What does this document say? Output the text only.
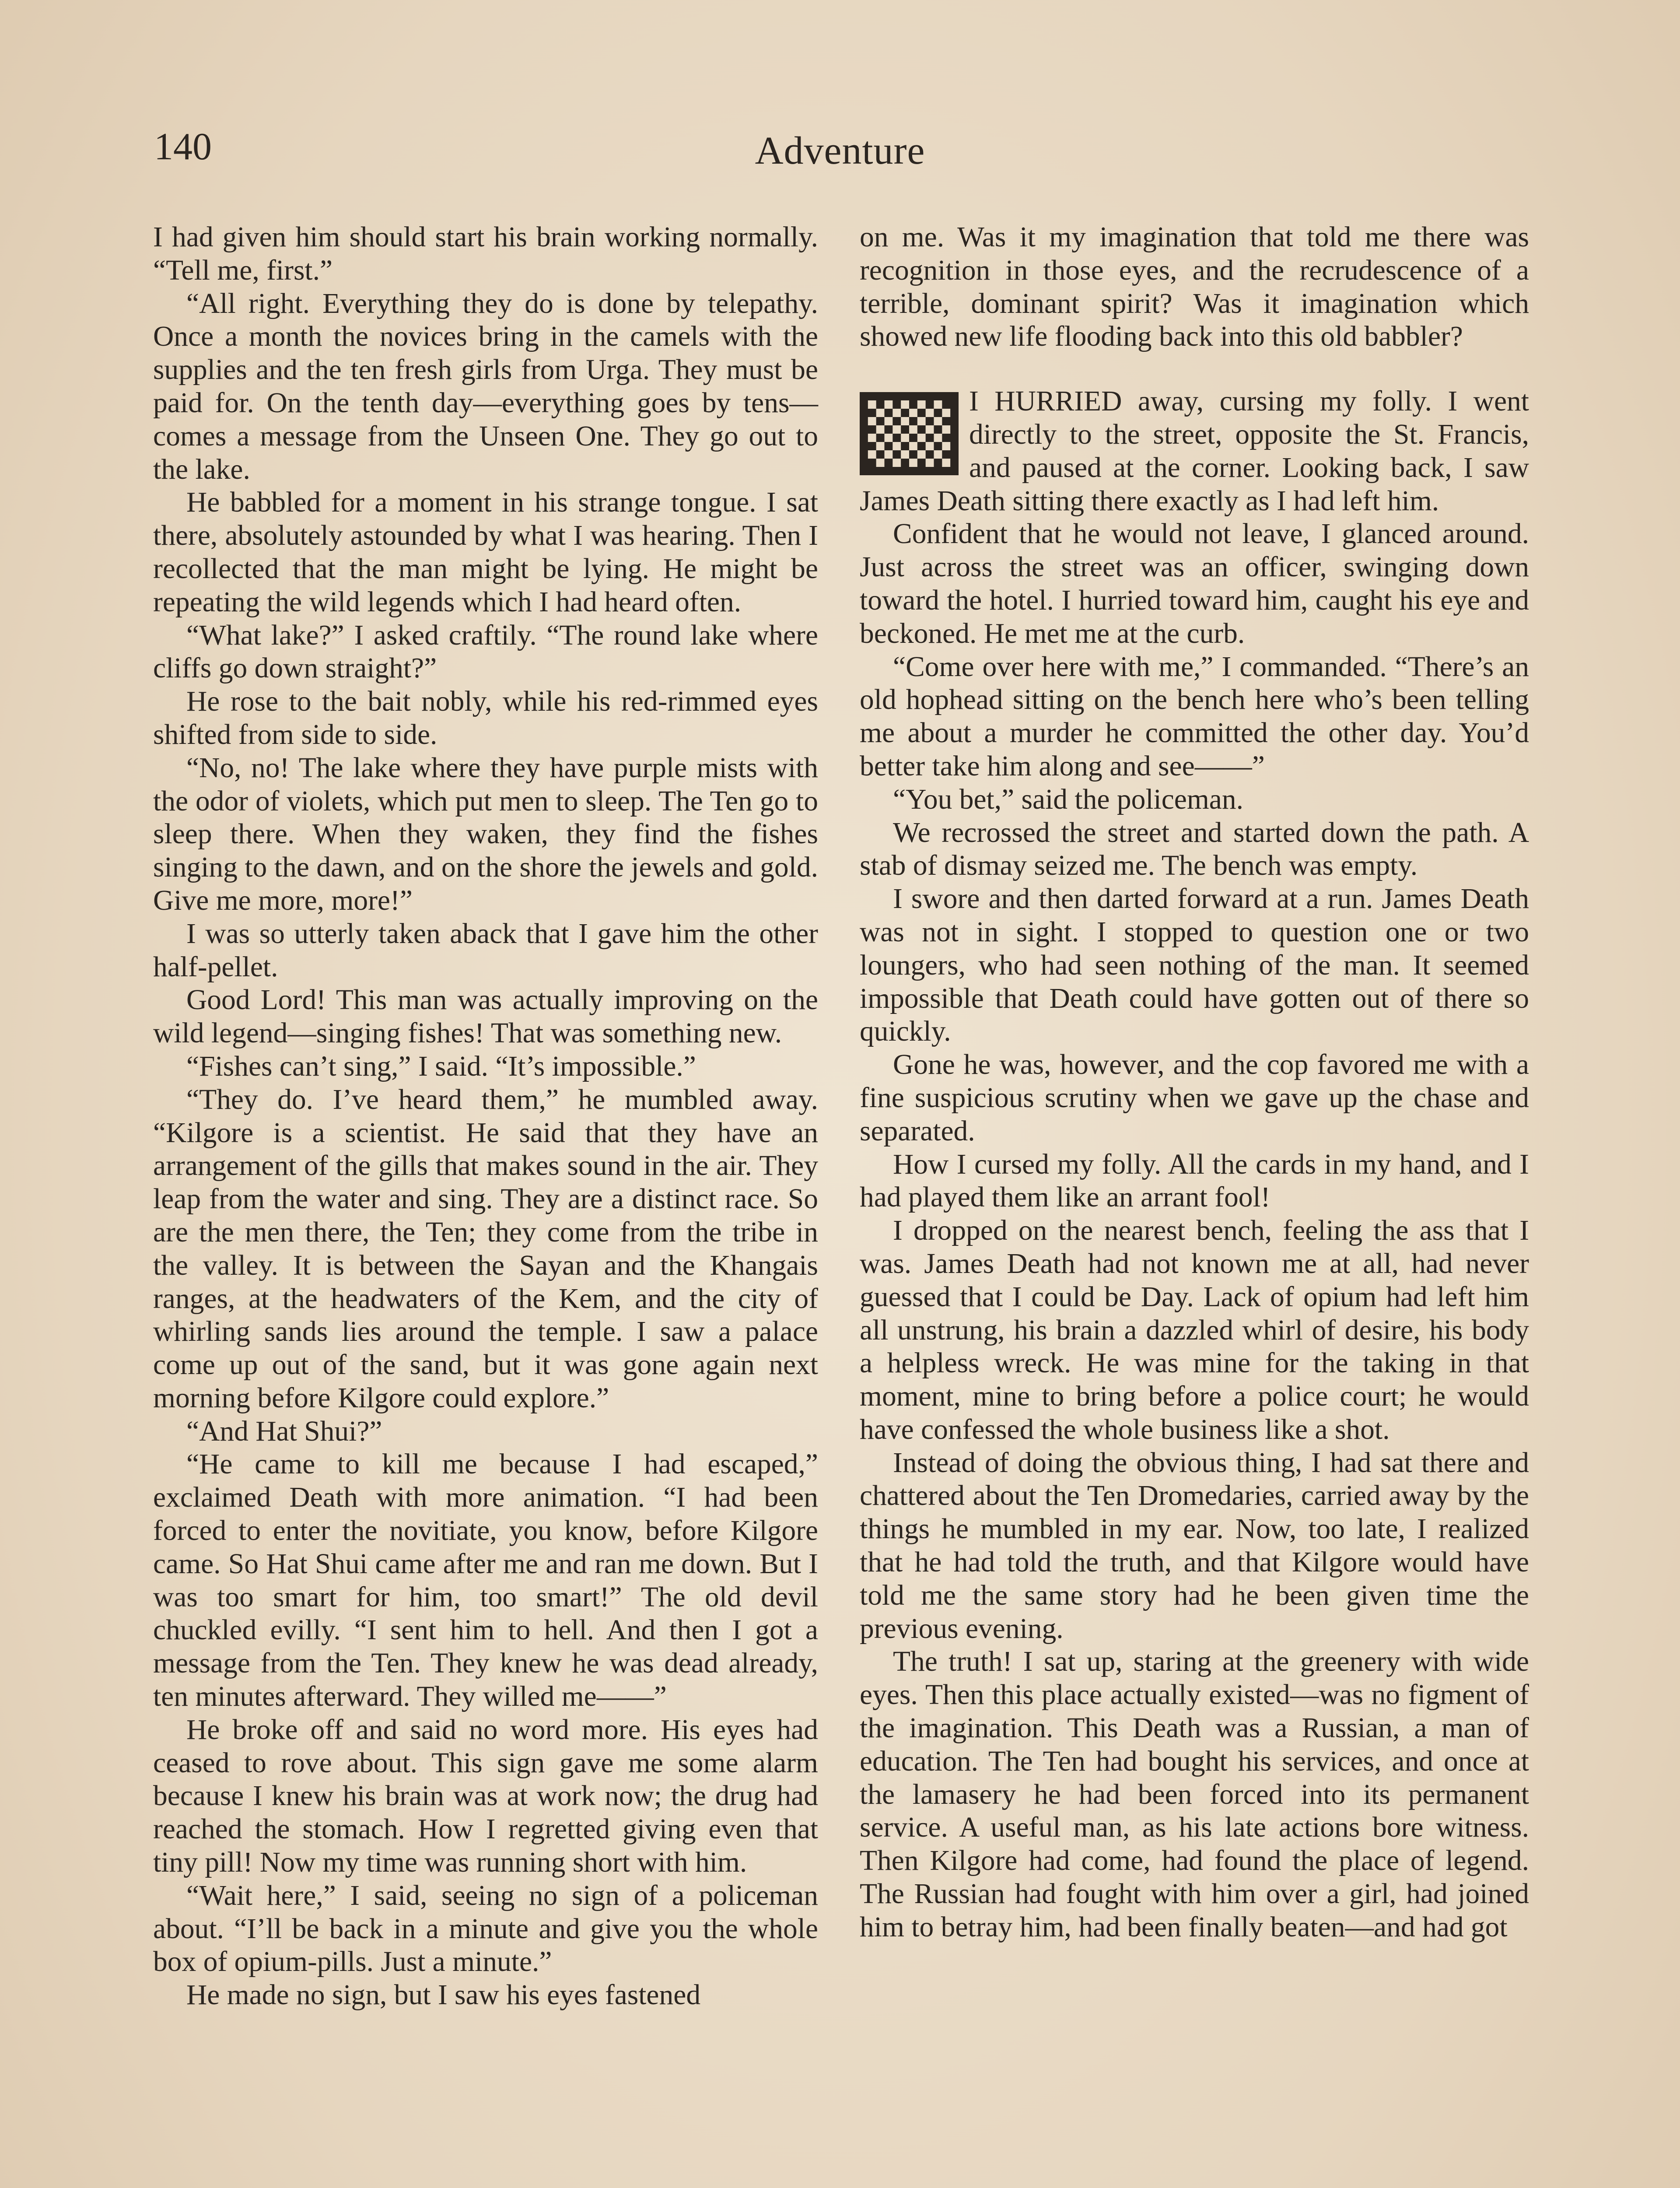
140	Adventure

I had given him should start his brain working normally. “Tell me, first.”

“All right. Everything they do is done by telepathy. Once a month the novices bring in the camels with the supplies and the ten fresh girls from Urga. They must be paid for. On the tenth day—everything goes by tens—comes a message from the Unseen One. They go out to the lake.

He babbled for a moment in his strange tongue. I sat there, absolutely astounded by what I was hearing. Then I recollected that the man might be lying. He might be repeating the wild legends which I had heard often.

“What lake?” I asked craftily. “The round lake where cliffs go down straight?”

He rose to the bait nobly, while his red-rimmed eyes shifted from side to side.

“No, no! The lake where they have purple mists with the odor of violets, which put men to sleep. The Ten go to sleep there. When they waken, they find the fishes singing to the dawn, and on the shore the jewels and gold. Give me more, more!”

I was so utterly taken aback that I gave him the other half-pellet.

Good Lord! This man was actually improving on the wild legend—singing fishes! That was something new.

“Fishes can’t sing,” I said. “It’s impossible.”

“They do. I’ve heard them,” he mumbled away. “Kilgore is a scientist. He said that they have an arrangement of the gills that makes sound in the air. They leap from the water and sing. They are a distinct race. So are the men there, the Ten; they come from the tribe in the valley. It is between the Sayan and the Khangais ranges, at the headwaters of the Kem, and the city of whirling sands lies around the temple. I saw a palace come up out of the sand, but it was gone again next morning before Kilgore could explore.”

“And Hat Shui?”

“He came to kill me because I had escaped,” exclaimed Death with more animation. “I had been forced to enter the novitiate, you know, before Kilgore came. So Hat Shui came after me and ran me down. But I was too smart for him, too smart!” The old devil chuckled evilly. “I sent him to hell. And then I got a message from the Ten. They knew he was dead already, ten minutes afterward. They willed me——”

He broke off and said no word more. His eyes had ceased to rove about. This sign gave me some alarm because I knew his brain was at work now; the drug had reached the stomach. How I regretted giving even that tiny pill! Now my time was running short with him.

“Wait here,” I said, seeing no sign of a policeman about. “I’ll be back in a minute and give you the whole box of opium-pills. Just a minute.”

He made no sign, but I saw his eyes fastened

on me. Was it my imagination that told me there was recognition in those eyes, and the recrudescence of a terrible, dominant spirit? Was it imagination which showed new life flooding back into this old babbler?

I HURRIED away, cursing my folly. I went directly to the street, opposite the St. Francis, and paused at the corner. Looking back, I saw James Death sitting there exactly as I had left him.

Confident that he would not leave, I glanced around. Just across the street was an officer, swinging down toward the hotel. I hurried toward him, caught his eye and beckoned. He met me at the curb.

“Come over here with me,” I commanded. “There’s an old hophead sitting on the bench here who’s been telling me about a murder he committed the other day. You’d better take him along and see——”

“You bet,” said the policeman.

We recrossed the street and started down the path. A stab of dismay seized me. The bench was empty.

I swore and then darted forward at a run. James Death was not in sight. I stopped to question one or two loungers, who had seen nothing of the man. It seemed impossible that Death could have gotten out of there so quickly.

Gone he was, however, and the cop favored me with a fine suspicious scrutiny when we gave up the chase and separated.

How I cursed my folly. All the cards in my hand, and I had played them like an arrant fool!

I dropped on the nearest bench, feeling the ass that I was. James Death had not known me at all, had never guessed that I could be Day. Lack of opium had left him all unstrung, his brain a dazzled whirl of desire, his body a helpless wreck. He was mine for the taking in that moment, mine to bring before a police court; he would have confessed the whole business like a shot.

Instead of doing the obvious thing, I had sat there and chattered about the Ten Dromedaries, carried away by the things he mumbled in my ear. Now, too late, I realized that he had told the truth, and that Kilgore would have told me the same story had he been given time the previous evening.

The truth! I sat up, staring at the greenery with wide eyes. Then this place actually existed—was no figment of the imagination. This Death was a Russian, a man of education. The Ten had bought his services, and once at the lamasery he had been forced into its permanent service. A useful man, as his late actions bore witness. Then Kilgore had come, had found the place of legend. The Russian had fought with him over a girl, had joined him to betray him, had been finally beaten—and had got
